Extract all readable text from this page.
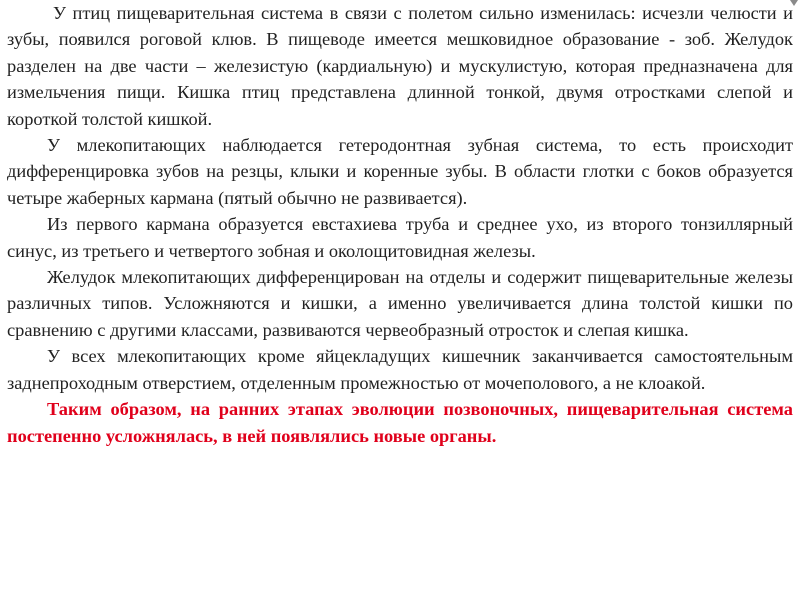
У птиц пищеварительная система в связи с полетом сильно изменилась: исчезли челюсти и зубы, появился роговой клюв. В пищеводе имеется мешковидное образование - зоб. Желудок разделен на две части – железистую (кардиальную) и мускулистую, которая предназначена для измельчения пищи. Кишка птиц представлена длинной тонкой, двумя отростками слепой и короткой толстой кишкой.

У млекопитающих наблюдается гетеродонтная зубная система, то есть происходит дифференцировка зубов на резцы, клыки и коренные зубы. В области глотки с боков образуется четыре жаберных кармана (пятый обычно не развивается).

Из первого кармана образуется евстахиева труба и среднее ухо, из второго тонзиллярный синус, из третьего и четвертого зобная и околощитовидная железы.

Желудок млекопитающих дифференцирован на отделы и содержит пищеварительные железы различных типов. Усложняются и кишки, а именно увеличивается длина толстой кишки по сравнению с другими классами, развиваются червеобразный отросток и слепая кишка.

У всех млекопитающих кроме яйцекладущих кишечник заканчивается самостоятельным заднепроходным отверстием, отделенным промежностью от мочеполового, а не клоакой.

Таким образом, на ранних этапах эволюции позвоночных, пищеварительная система постепенно усложнялась, в ней появлялись новые органы.
